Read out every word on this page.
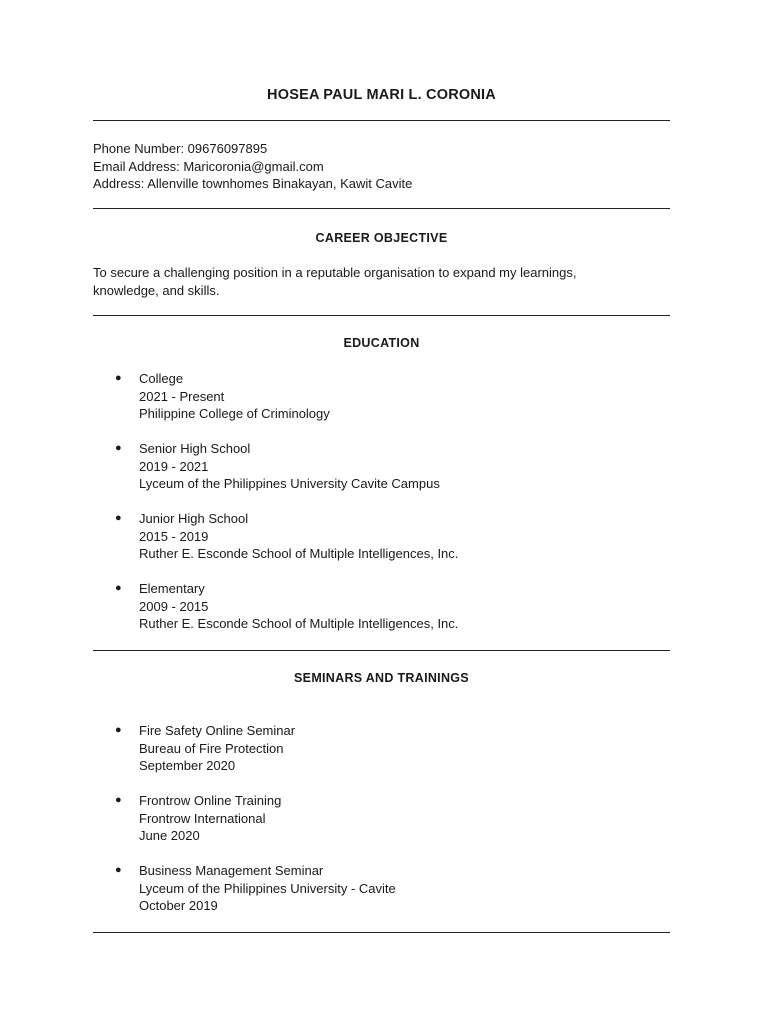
HOSEA PAUL MARI L. CORONIA
Phone Number: 09676097895
Email Address: Maricoronia@gmail.com
Address: Allenville townhomes Binakayan, Kawit Cavite
CAREER OBJECTIVE
To secure a challenging position in a reputable organisation to expand my learnings, knowledge, and skills.
EDUCATION
● College
2021 - Present
Philippine College of Criminology
● Senior High School
2019 - 2021
Lyceum of the Philippines University Cavite Campus
● Junior High School
2015 - 2019
Ruther E. Esconde School of Multiple Intelligences, Inc.
● Elementary
2009 - 2015
Ruther E. Esconde School of Multiple Intelligences, Inc.
SEMINARS AND TRAININGS
● Fire Safety Online Seminar
Bureau of Fire Protection
September 2020
● Frontrow Online Training
Frontrow International
June 2020
● Business Management Seminar
Lyceum of the Philippines University - Cavite
October 2019
